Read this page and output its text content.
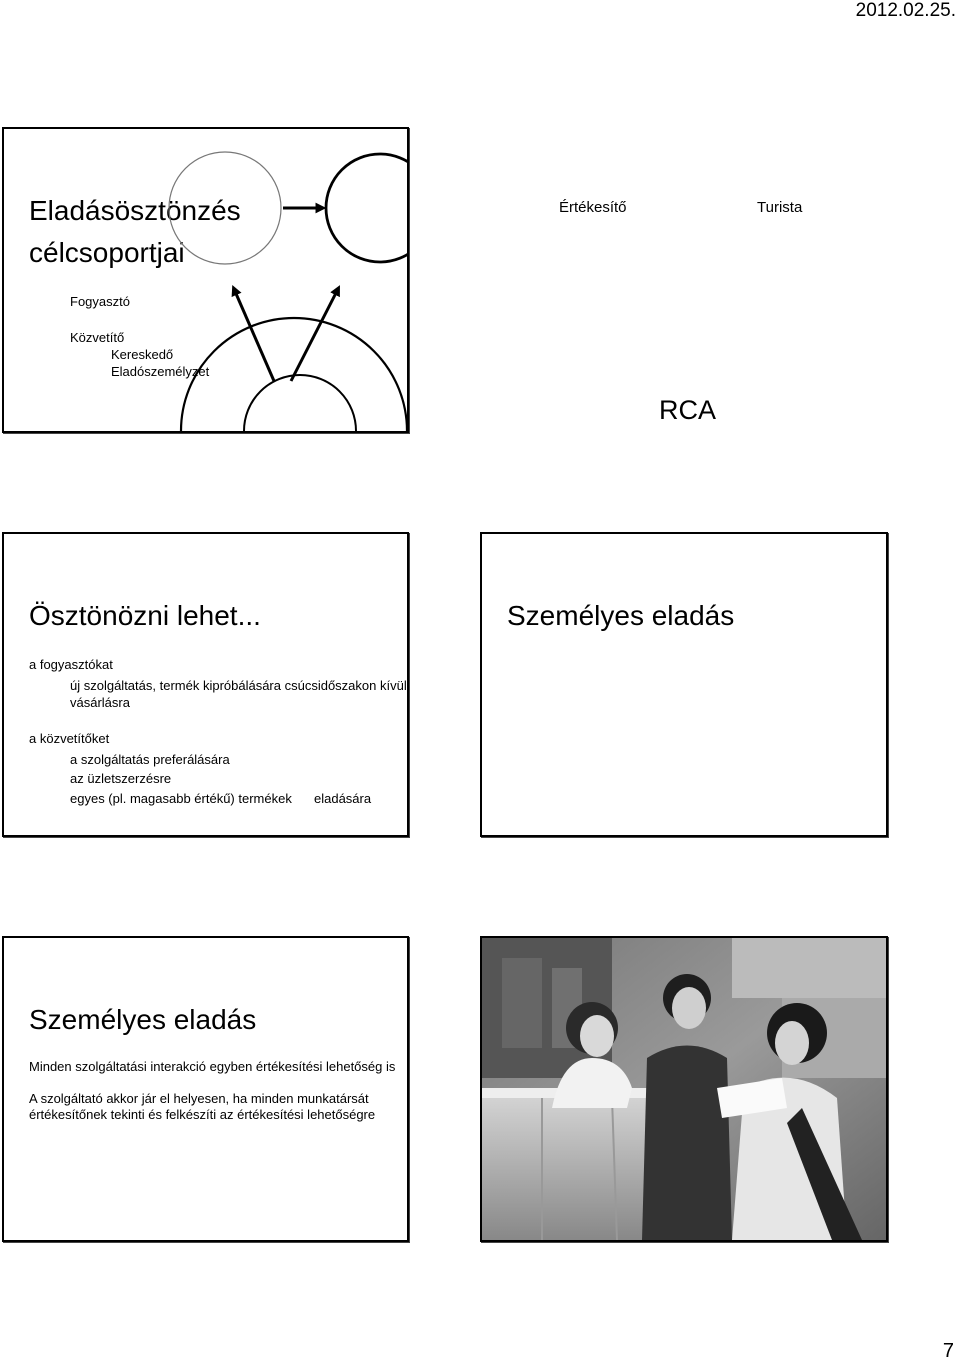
2012.02.25.
Eladásösztönzés
célcsoportjai
Fogyasztó
Közvetítő
Kereskedő
Eladószemélyzet
Értékesítő	Turista
RCA
Ösztönözni lehet...
a fogyasztókat
új szolgáltatás, termék kipróbálására csúcsidőszakon kívüli
vásárlásra
a közvetítőket
a szolgáltatás preferálására
az üzletszerzésre
egyes (pl. magasabb értékű) termékek eladására
Személyes eladás
Személyes eladás
Minden szolgáltatási interakció egyben értékesítési lehetőség is
A szolgáltató akkor jár el helyesen, ha minden munkatársát
értékesítőnek tekinti és felkészíti az értékesítési lehetőségre
7
